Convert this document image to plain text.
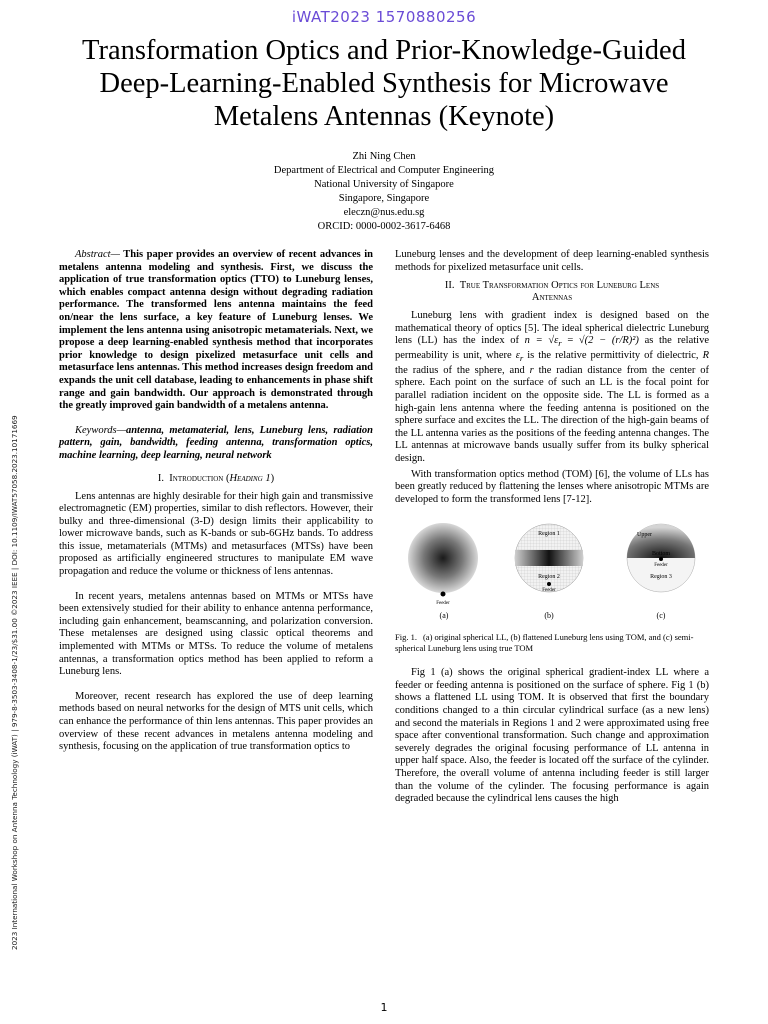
iWAT2023 1570880256
Transformation Optics and Prior-Knowledge-Guided Deep-Learning-Enabled Synthesis for Microwave Metalens Antennas (Keynote)
Zhi Ning Chen
Department of Electrical and Computer Engineering
National University of Singapore
Singapore, Singapore
eleczn@nus.edu.sg
ORCID: 0000-0002-3617-6468
2023 International Workshop on Antenna Technology (iWAT) | 979-8-3503-3408-1/23/$31.00 ©2023 IEEE | DOI: 10.1109/IWAT57058.2023.10171669
Abstract— This paper provides an overview of recent advances in metalens antenna modeling and synthesis. First, we discuss the application of true transformation optics (TTO) to Luneburg lenses, which enables compact antenna design without degrading radiation performance. The transformed lens antenna maintains the feed on/near the lens surface, a key feature of Luneburg lenses. We implement the lens antenna using anisotropic metamaterials. Next, we propose a deep learning-enabled synthesis method that incorporates prior knowledge to design pixelized metasurface unit cells and metasurface lens antennas. This method increases design freedom and expands the unit cell database, leading to enhancements in phase shift range and gain bandwidth. Our approach is demonstrated through the greatly improved gain bandwidth of a metalens antenna.
Keywords—antenna, metamaterial, lens, Luneburg lens, radiation pattern, gain, bandwidth, feeding antenna, transformation optics, machine learning, deep learning, neural network
I. Introduction (Heading 1)

Lens antennas are highly desirable for their high gain and transmissive electromagnetic (EM) properties, similar to dish reflectors. However, their bulky and three-dimensional (3-D) design limits their applicability to lower microwave bands, such as K-bands or sub-6GHz bands. To address this issue, metamaterials (MTMs) and metasurfaces (MTSs) have been proposed as artificially engineered structures to manipulate EM wave propagation and reduce the volume or thickness of lens antennas.

In recent years, metalens antennas based on MTMs or MTSs have been extensively studied for their ability to enhance antenna performance, including gain enhancement, beamscanning, and polarization conversion. These metalenses are designed using classic optical theorems and implemented with MTMs or MTSs. To reduce the volume of metalens antennas, a transformation optics method has been applied to reform a Luneburg lens.

Moreover, recent research has explored the use of deep learning methods based on neural networks for the design of MTS unit cells, which can enhance the performance of thin lens antennas. This paper provides an overview of these recent advances in metalens antenna modeling and synthesis, focusing on the application of true transformation optics to

Luneburg lenses and the development of deep learning-enabled synthesis methods for pixelized metasurface unit cells.

II. True Transformation Optics for Luneburg Lens
Antennas

Luneburg lens with gradient index is designed based on the mathematical theory of optics [5]. The ideal spherical dielectric Luneburg lens (LL) has the index of $n = √\varepsilon_r = √(2 - (r/R)^2)$ as the relative permeability is unit, where $\varepsilon_r$ is the relative permittivity of dielectric, R the radius of the sphere, and r the radian distance from the center of sphere. Each point on the surface of such an LL is the focal point for parallel radiation incident on the opposite side. The LL is formed as a high-gain lens antenna where the feeding antenna is positioned on the sphere surface and excites the LL. The direction of the high-gain beams of the LL antenna varies as the positions of the feeding antenna changes. The LL antennas at microwave bands usually suffer from its bulky spherical design.

With transformation optics method (TOM) [6], the volume of LLs has been greatly reduced by flattening the lenses where anisotropic MTMs are developed to form the transformed lens [7-12].

Feeder
Region 1
Region 2
Feeder
Upper
Bottom
Feeder
Region 3
(a)	(b)	(c)
Fig. 1. (a) original spherical LL, (b) flattened Luneburg lens using TOM, and (c) semi-spherical Luneburg lens using true TOM

Fig 1 (a) shows the original spherical gradient-index LL where a feeder or feeding antenna is positioned on the surface of sphere. Fig 1 (b) shows a flattened LL using TOM. It is observed that first the boundary conditions changed to a thin circular cylindrical surface (as a new lens) and second the materials in Regions 1 and 2 were approximated using free space after conventional transformation. Such change and approximation severely degrades the original focusing performance of LL antenna in upper half space. Also, the feeder is located off the surface of the cylinder. Therefore, the overall volume of antenna including feeder is still larger than the volume of the cylinder. The focusing performance is again degraded because the cylindrical lens causes the high

1
